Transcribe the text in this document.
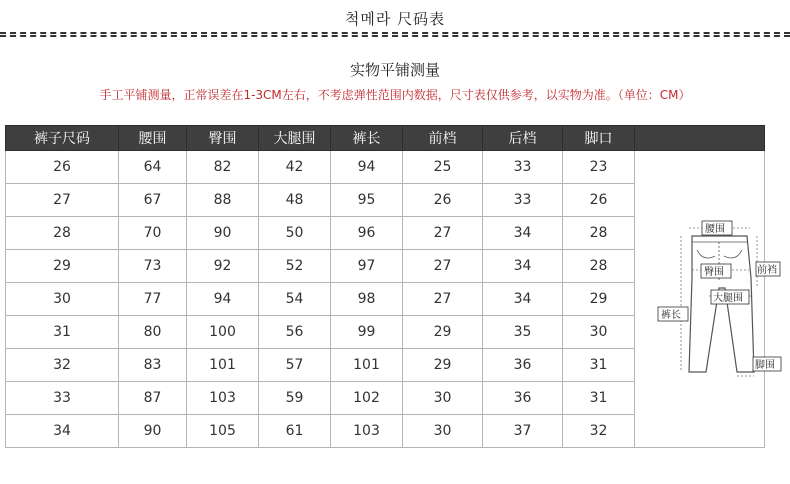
척메라 尺码表
实物平铺测量
手工平铺测量，正常误差在1-3CM左右，不考虑弹性范围内数据，尺寸表仅供参考，以实物为准。（单位：CM）
裤子尺码	腰围	臀围	大腿围	裤长	前档	后档	脚口	
26	64	82	42	94	25	33	23	
27	67	88	48	95	26	33	26	
28	70	90	50	96	27	34	28	
29	73	92	52	97	27	34	28	
30	77	94	54	98	27	34	29	
31	80	100	56	99	29	35	30	
32	83	101	57	101	29	36	31	
33	87	103	59	102	30	36	31	
34	90	105	61	103	30	37	32	
腰围
臀围	前裆
大腿围
裤长
脚围
